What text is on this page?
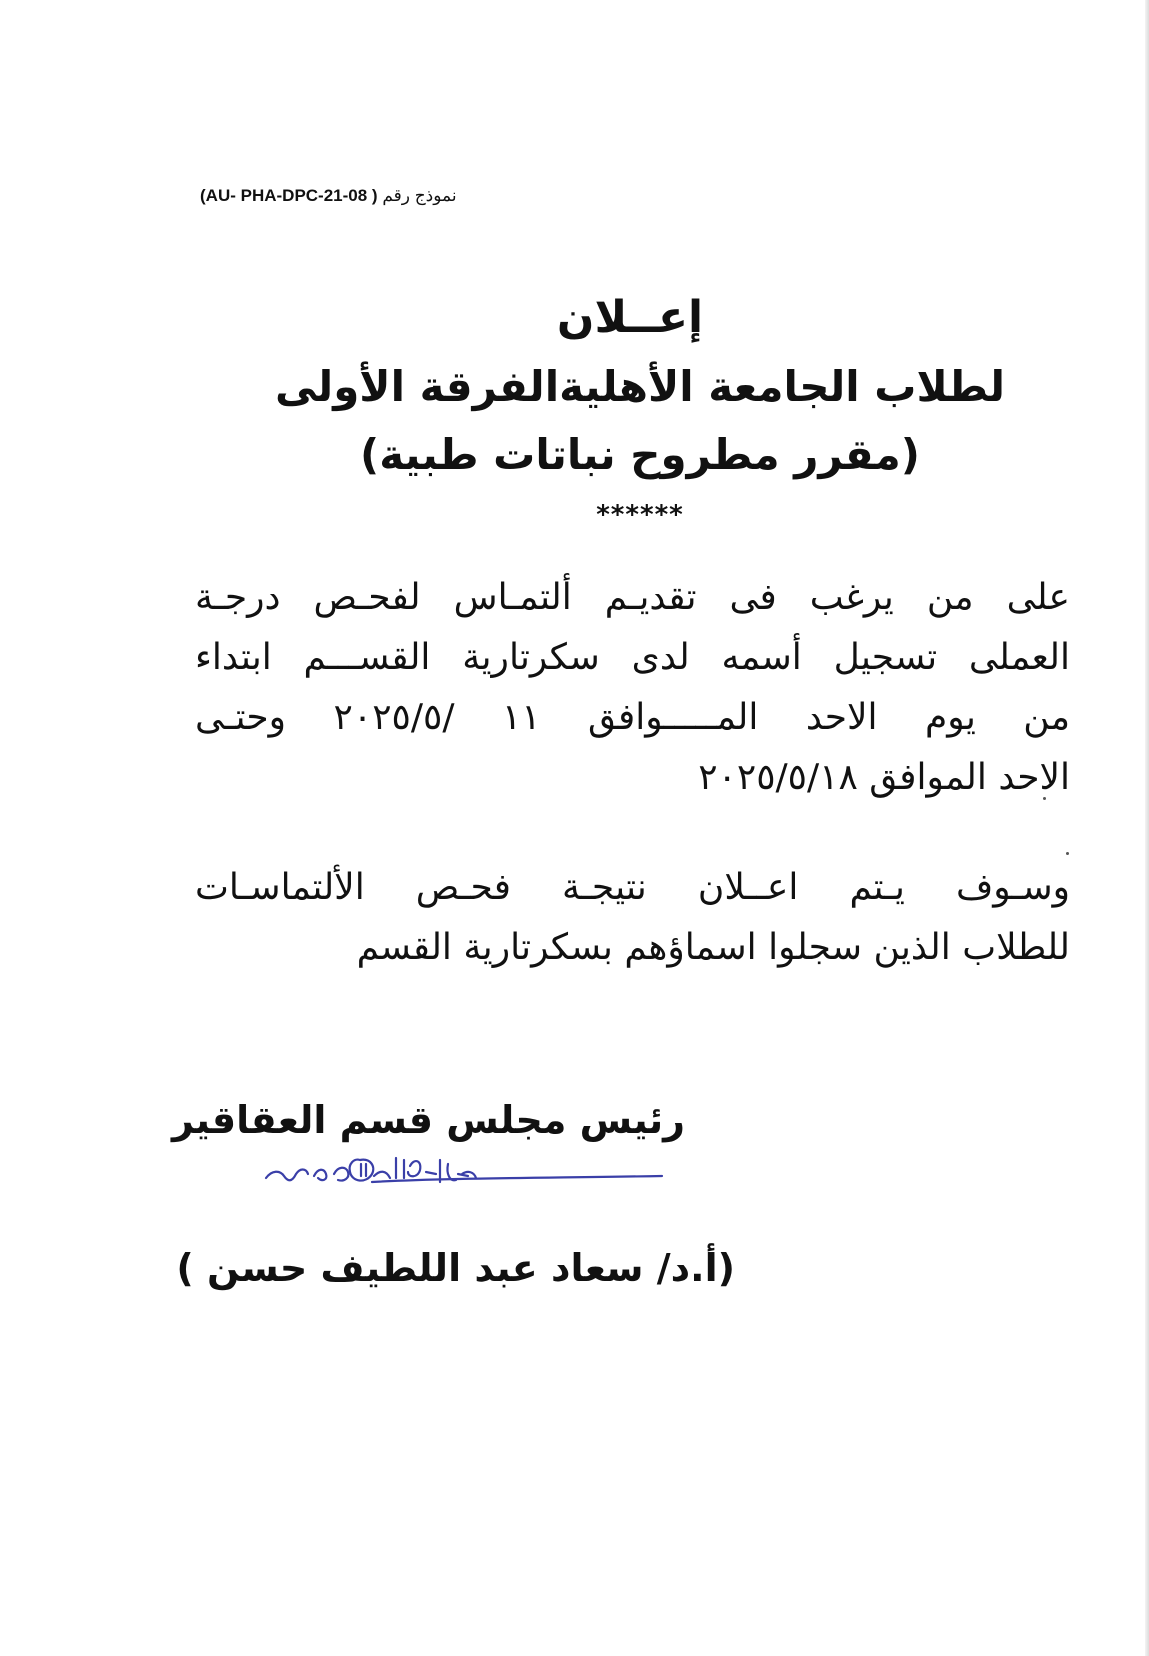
نموذج رقم ( AU- PHA-DPC-21-08)
إعــلان
لطلاب الجامعة الأهليةالفرقة الأولى
(مقرر مطروح نباتات طبية)
******
على من يرغب فى تقديـم ألتمـاس لفحـص درجـة
العملى تسجيل أسمه لدى سكرتارية القســـم ابتداء
من يوم الاحد المـــــوافق ١١ /٢٠٢٥/٥ وحتـى
الاحد الموافق ٢٠٢٥/٥/١٨
وسـوف يـتم اعــلان نتيجـة فحـص الألتماسـات
للطلاب الذين سجلوا اسماؤهم بسكرتارية القسم
رئيس مجلس قسم العقاقير
(أ.د/ سعاد عبد اللطيف حسن )
